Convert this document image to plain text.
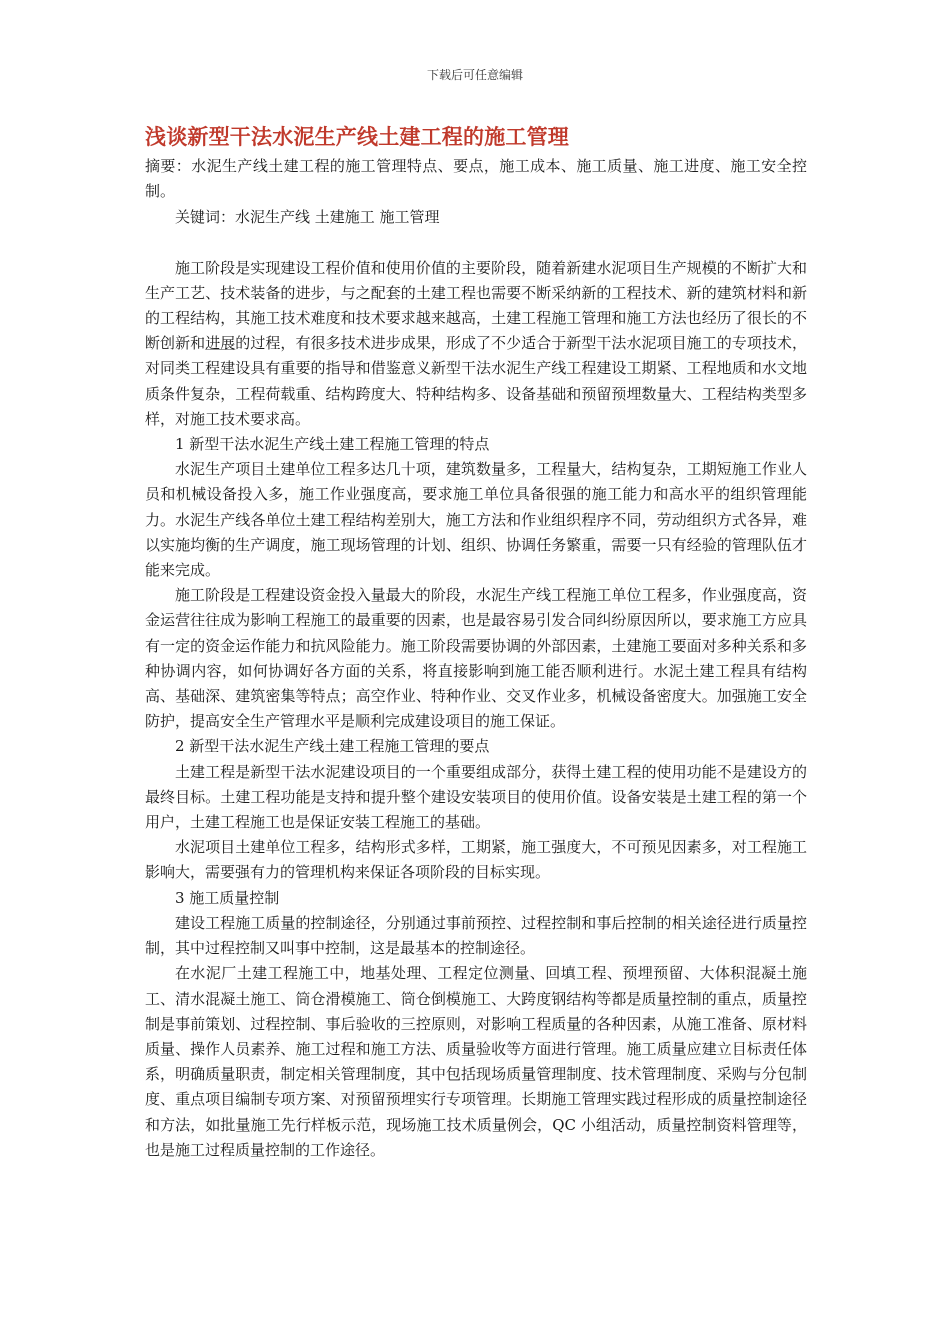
下载后可任意编辑
浅谈新型干法水泥生产线土建工程的施工管理

摘要：水泥生产线土建工程的施工管理特点、要点，施工成本、施工质量、施工进度、施工安全控制。

关键词：水泥生产线 土建施工 施工管理

施工阶段是实现建设工程价值和使用价值的主要阶段，随着新建水泥项目生产规模的不断扩大和生产工艺、技术装备的进步，与之配套的土建工程也需要不断采纳新的工程技术、新的建筑材料和新的工程结构，其施工技术难度和技术要求越来越高，土建工程施工管理和施工方法也经历了很长的不断创新和进展的过程，有很多技术进步成果，形成了不少适合于新型干法水泥项目施工的专项技术，对同类工程建设具有重要的指导和借鉴意义新型干法水泥生产线工程建设工期紧、工程地质和水文地质条件复杂，工程荷载重、结构跨度大、特种结构多、设备基础和预留预埋数量大、工程结构类型多样，对施工技术要求高。

1 新型干法水泥生产线土建工程施工管理的特点

水泥生产项目土建单位工程多达几十项，建筑数量多，工程量大，结构复杂，工期短施工作业人员和机械设备投入多，施工作业强度高，要求施工单位具备很强的施工能力和高水平的组织管理能力。水泥生产线各单位土建工程结构差别大，施工方法和作业组织程序不同，劳动组织方式各异，难以实施均衡的生产调度，施工现场管理的计划、组织、协调任务繁重，需要一只有经验的管理队伍才能来完成。

施工阶段是工程建设资金投入量最大的阶段，水泥生产线工程施工单位工程多，作业强度高，资金运营往往成为影响工程施工的最重要的因素，也是最容易引发合同纠纷原因所以，要求施工方应具有一定的资金运作能力和抗风险能力。施工阶段需要协调的外部因素，土建施工要面对多种关系和多种协调内容，如何协调好各方面的关系，将直接影响到施工能否顺利进行。水泥土建工程具有结构高、基础深、建筑密集等特点；高空作业、特种作业、交叉作业多，机械设备密度大。加强施工安全防护，提高安全生产管理水平是顺利完成建设项目的施工保证。

2 新型干法水泥生产线土建工程施工管理的要点

土建工程是新型干法水泥建设项目的一个重要组成部分，获得土建工程的使用功能不是建设方的最终目标。土建工程功能是支持和提升整个建设安装项目的使用价值。设备安装是土建工程的第一个用户，土建工程施工也是保证安装工程施工的基础。

水泥项目土建单位工程多，结构形式多样，工期紧，施工强度大，不可预见因素多，对工程施工影响大，需要强有力的管理机构来保证各项阶段的目标实现。

3 施工质量控制

建设工程施工质量的控制途径，分别通过事前预控、过程控制和事后控制的相关途径进行质量控制，其中过程控制又叫事中控制，这是最基本的控制途径。

在水泥厂土建工程施工中，地基处理、工程定位测量、回填工程、预埋预留、大体积混凝土施工、清水混凝土施工、筒仓滑模施工、筒仓倒模施工、大跨度钢结构等都是质量控制的重点，质量控制是事前策划、过程控制、事后验收的三控原则，对影响工程质量的各种因素，从施工准备、原材料质量、操作人员素养、施工过程和施工方法、质量验收等方面进行管理。施工质量应建立目标责任体系，明确质量职责，制定相关管理制度，其中包括现场质量管理制度、技术管理制度、采购与分包制度、重点项目编制专项方案、对预留预埋实行专项管理。长期施工管理实践过程形成的质量控制途径和方法，如批量施工先行样板示范，现场施工技术质量例会，QC 小组活动，质量控制资料管理等，也是施工过程质量控制的工作途径。
